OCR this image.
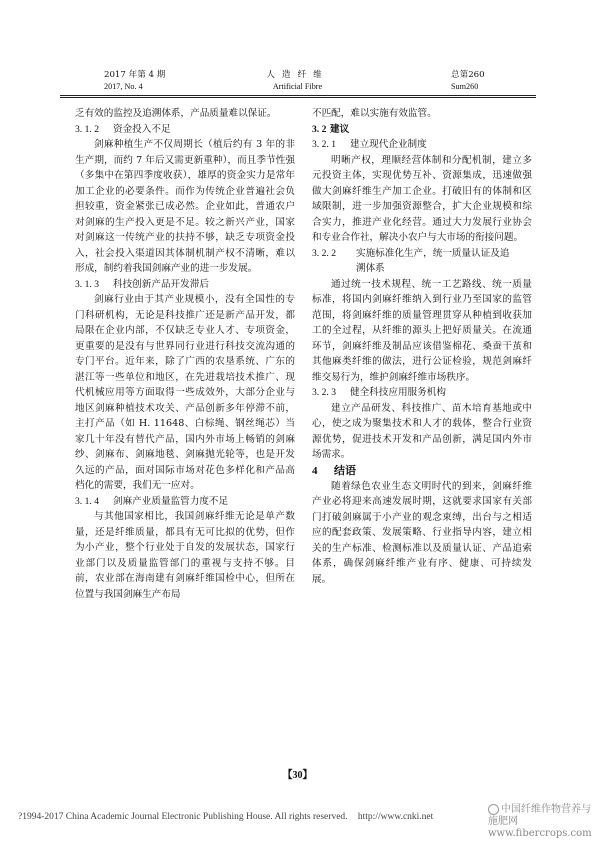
2017 年第 4 期
2017, No. 4
人造纤维
Artificial Fibre
总第260
Sum260

乏有效的监控及追溯体系，产品质量难以保证。

3. 1. 2 资金投入不足

剑麻种植生产不仅周期长（植后约有 3 年的非生产期，而约 7 年后又需更新重种），而且季节性强（多集中在第四季度收获），雄厚的资金实力是常年加工企业的必要条件。而作为传统企业普遍社会负担较重，资金紧张已成必然。企业如此，普通农户对剑麻的生产投入更是不足。较之新兴产业，国家对剑麻这一传统产业的扶持不够，缺乏专项资金投入，社会投入渠道因其体制机制产权不清晰，难以形成，制约着我国剑麻产业的进一步发展。

3. 1. 3 科技创新产品开发滞后

剑麻行业由于其产业规模小，没有全国性的专门科研机构，无论是科技推广还是新产品开发，都局限在企业内部，不仅缺乏专业人才、专项资金，更重要的是没有与世界同行业进行科技交流沟通的专门平台。近年来，除了广西的农垦系统、广东的湛江等一些单位和地区，在先进栽培技术推广、现代机械应用等方面取得一些成效外，大部分企业与地区剑麻种植技术攻关、产品创新多年停滞不前，主打产品（如 H. 11648、白棕绳、钢丝绳芯）当家几十年没有替代产品，国内外市场上畅销的剑麻纱、剑麻布、剑麻地毯、剑麻抛光轮等，也是开发久远的产品，面对国际市场对花色多样化和产品高档化的需要，我们无一应对。

3. 1. 4 剑麻产业质量监管力度不足

与其他国家相比，我国剑麻纤维无论是单产数量，还是纤维质量，都具有无可比拟的优势，但作为小产业，整个行业处于自发的发展状态，国家行业部门以及质量监管部门的重视与支持不够。目前，农业部在海南建有剑麻纤维国检中心，但所在位置与我国剑麻生产布局

不匹配，难以实施有效监管。

3. 2 建议

3. 2. 1 建立现代企业制度

明晰产权，理顺经营体制和分配机制，建立多元投资主体，实现优势互补、资源集成，迅速做强做大剑麻纤维生产加工企业。打破旧有的体制和区域限制，进一步加强资源整合，扩大企业规模和综合实力，推进产业化经营。通过大力发展行业协会和专业合作社，解决小农户与大市场的衔接问题。

3. 2. 2 实施标准化生产，统一质量认证及追
溯体系

通过统一技术规程、统一工艺路线、统一质量标准，将国内剑麻纤维纳入到行业乃至国家的监管范围，将剑麻纤维的质量管理贯穿从种植到收获加工的全过程，从纤维的源头上把好质量关。在流通环节，剑麻纤维及制品应该借鉴棉花、桑蚕干茧和其他麻类纤维的做法，进行公证检验，规范剑麻纤维交易行为，维护剑麻纤维市场秩序。

3. 2. 3 健全科技应用服务机构

建立产品研发、科技推广、苗木培育基地或中心，使之成为聚集技术和人才的载体，整合行业资源优势，促进技术开发和产品创新，满足国内外市场需求。

4 结语

随着绿色农业生态文明时代的到来，剑麻纤维产业必将迎来高速发展时期，这就要求国家有关部门打破剑麻属于小产业的观念束缚，出台与之相适应的配套政策、发展策略、行业指导内容，建立相关的生产标准、检测标准以及质量认证、产品追索体系，确保剑麻纤维产业有序、健康、可持续发展。

【30】
?1994-2017 China Academic Journal Electronic Publishing House. All rights reserved. http://www.cnki.net
中国纤维作物营养与施肥网
www.fibercrops.com
